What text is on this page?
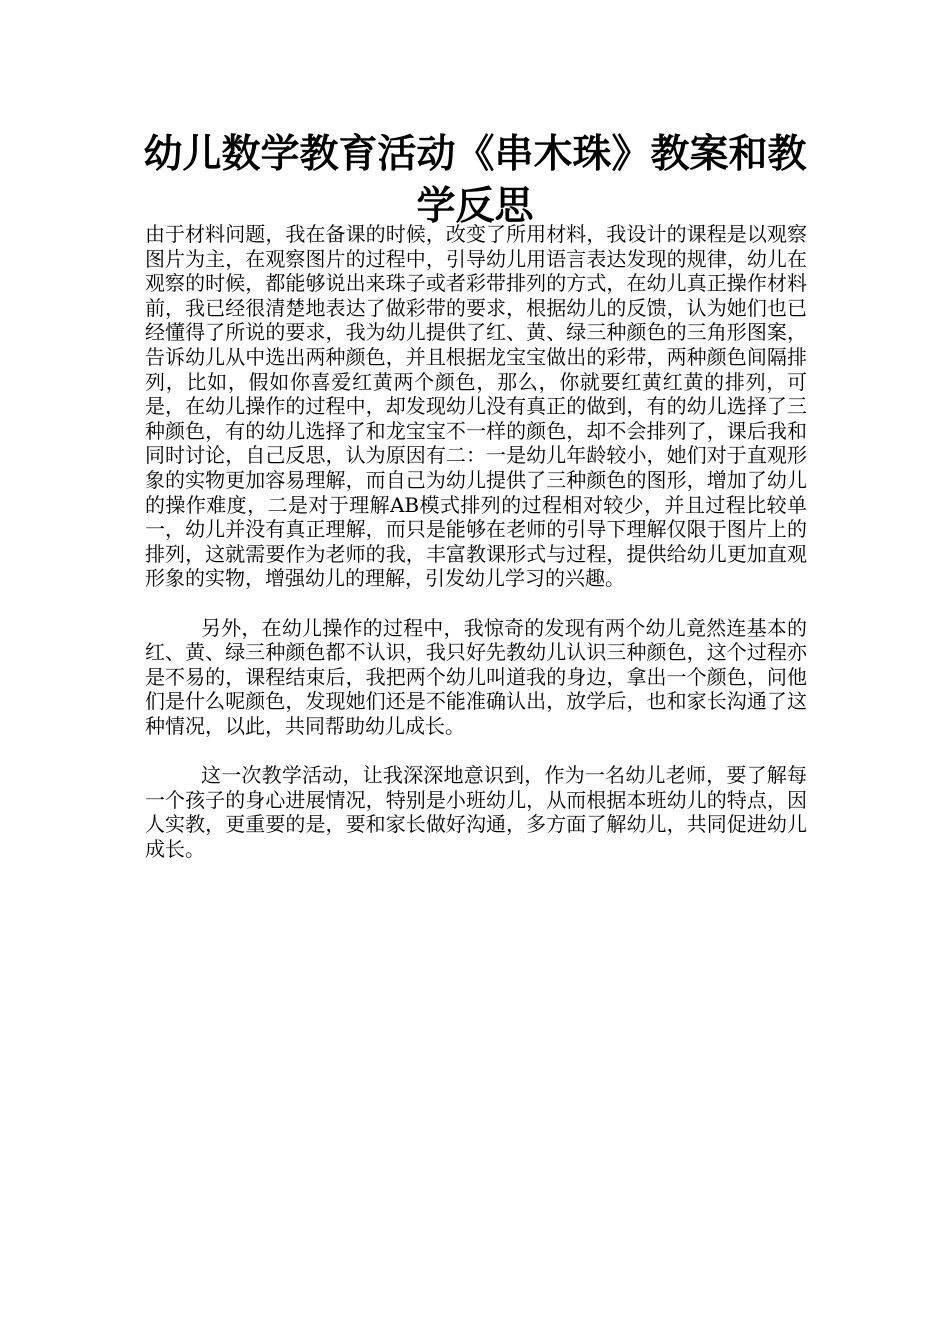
幼儿数学教育活动《串木珠》教案和教学反思

由于材料问题，我在备课的时候，改变了所用材料，我设计的课程是以观察图片为主，在观察图片的过程中，引导幼儿用语言表达发现的规律，幼儿在观察的时候，都能够说出来珠子或者彩带排列的方式，在幼儿真正操作材料前，我已经很清楚地表达了做彩带的要求，根据幼儿的反馈，认为她们也已经懂得了所说的要求，我为幼儿提供了红、黄、绿三种颜色的三角形图案，告诉幼儿从中选出两种颜色，并且根据龙宝宝做出的彩带，两种颜色间隔排列，比如，假如你喜爱红黄两个颜色，那么，你就要红黄红黄的排列，可是，在幼儿操作的过程中，却发现幼儿没有真正的做到，有的幼儿选择了三种颜色，有的幼儿选择了和龙宝宝不一样的颜色，却不会排列了，课后我和同时讨论，自己反思，认为原因有二：一是幼儿年龄较小，她们对于直观形象的实物更加容易理解，而自己为幼儿提供了三种颜色的图形，增加了幼儿的操作难度，二是对于理解AB模式排列的过程相对较少，并且过程比较单一，幼儿并没有真正理解，而只是能够在老师的引导下理解仅限于图片上的排列，这就需要作为老师的我，丰富教课形式与过程，提供给幼儿更加直观形象的实物，增强幼儿的理解，引发幼儿学习的兴趣。

另外，在幼儿操作的过程中，我惊奇的发现有两个幼儿竟然连基本的红、黄、绿三种颜色都不认识，我只好先教幼儿认识三种颜色，这个过程亦是不易的，课程结束后，我把两个幼儿叫道我的身边，拿出一个颜色，问他们是什么呢颜色，发现她们还是不能准确认出，放学后，也和家长沟通了这种情况，以此，共同帮助幼儿成长。

这一次教学活动，让我深深地意识到，作为一名幼儿老师，要了解每一个孩子的身心进展情况，特别是小班幼儿，从而根据本班幼儿的特点，因人实教，更重要的是，要和家长做好沟通，多方面了解幼儿，共同促进幼儿成长。
